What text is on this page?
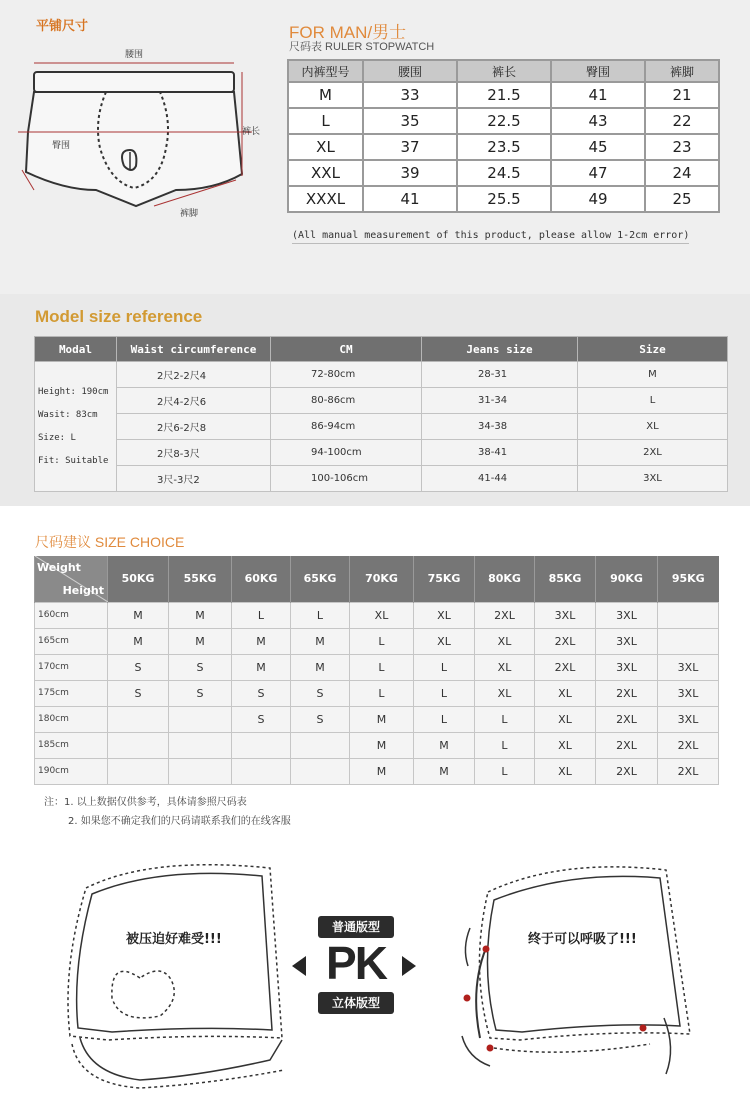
平铺尺寸
腰围
臀围
裤长
裤脚
FOR MAN/男士
尺码表 RULER STOPWATCH
内裤型号	腰围	裤长	臀围	裤脚
M	33	21.5	41	21
L	35	22.5	43	22
XL	37	23.5	45	23
XXL	39	24.5	47	24
XXXL	41	25.5	49	25
(All manual measurement of this product, please allow 1-2cm error)
Model size reference
Modal	Waist circumference	CM	Jeans size	Size

Height: 190cm
Wasit: 83cm
Size: L
Fit: Suitable	2尺2-2尺4	72-80cm	28-31	M
	2尺4-2尺6	80-86cm	31-34	L
	2尺6-2尺8	86-94cm	34-38	XL
	2尺8-3尺	94-100cm	38-41	2XL
	3尺-3尺2	100-106cm	41-44	3XL
尺码建议 SIZE CHOICE
Weight
Height	50KG	55KG	60KG	65KG	70KG	75KG	80KG	85KG	90KG	95KG
160cm	M	M	L	L	XL	XL	2XL	3XL	3XL	
165cm	M	M	M	M	L	XL	XL	2XL	3XL	
170cm	S	S	M	M	L	L	XL	2XL	3XL	3XL
175cm	S	S	S	S	L	L	XL	XL	2XL	3XL
180cm			S	S	M	L	L	XL	2XL	3XL
185cm					M	M	L	XL	2XL	2XL
190cm					M	M	L	XL	2XL	2XL
注：1. 以上数据仅供参考，具体请参照尺码表
2. 如果您不确定我们的尺码请联系我们的在线客服
被压迫好难受!!!	终于可以呼吸了!!!
普通版型
PK
立体版型
